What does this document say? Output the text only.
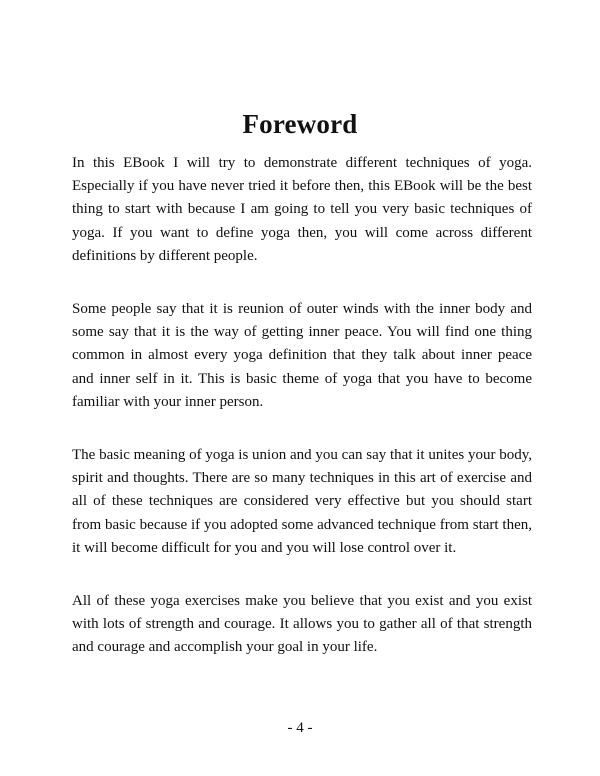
Foreword

In this EBook I will try to demonstrate different techniques of yoga. Especially if you have never tried it before then, this EBook will be the best thing to start with because I am going to tell you very basic techniques of yoga. If you want to define yoga then, you will come across different definitions by different people.

Some people say that it is reunion of outer winds with the inner body and some say that it is the way of getting inner peace. You will find one thing common in almost every yoga definition that they talk about inner peace and inner self in it. This is basic theme of yoga that you have to become familiar with your inner person.

The basic meaning of yoga is union and you can say that it unites your body, spirit and thoughts. There are so many techniques in this art of exercise and all of these techniques are considered very effective but you should start from basic because if you adopted some advanced technique from start then, it will become difficult for you and you will lose control over it.

All of these yoga exercises make you believe that you exist and you exist with lots of strength and courage. It allows you to gather all of that strength and courage and accomplish your goal in your life.

- 4 -
